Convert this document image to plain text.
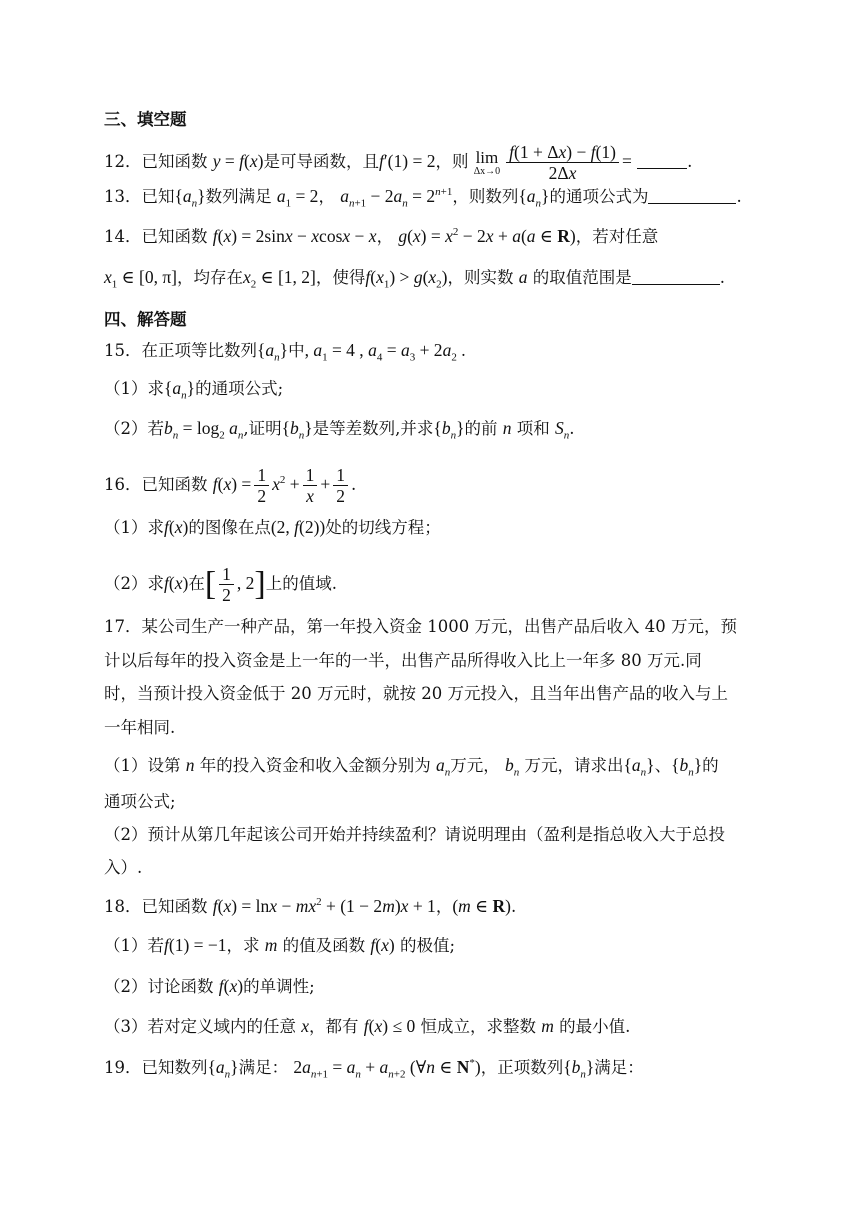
三、填空题
12．已知函数 y = f(x)是可导函数，且f′(1) = 2，则 lim
$\Delta x\to 0 \frac{f(1 + \Delta x) - f(1)}{2\Delta x}$ =	.
13．已知$\{a_n\}$数列满足 $a_1 = 2$， $a_{n+1} - 2a_n = 2^{n+1}$，则数列$\{a_n\}$的通项公式为	.
14．已知函数 f(x) = 2sinx − xcosx − x， $g(x) = x^2 - 2x + a(a$ ∈ R)，若对任意
$x_1$ ∈ [0, π]，均存在$x_2$ ∈ [1, 2]，使得$f(x_1) > g(x_2)$，则实数 a 的取值范围是	.
四、解答题
15．在正项等比数列$\{a_n\}$中, $a_1 = 4$ , $a_4 = a_3 + 2a_2$ .
（1）求$\{a_n\}$的通项公式;
（2）若$b_n = \log_2 a_n$,证明$\{b_n\}$是等差数列,并求$\{b_n\}$的前 n 项和 $S_n$.
16．已知函数 $f(x) = \frac{1}{2} x^2 + \frac{1}{x} + \frac{1}{2}$ .
（1）求f(x)的图像在点(2, f(2))处的切线方程；
（2）求f(x)在[ $\frac{1}{2}$ , 2]上的值域.
17．某公司生产一种产品，第一年投入资金 1000 万元，出售产品后收入 40 万元，预
计以后每年的投入资金是上一年的一半，出售产品所得收入比上一年多 80 万元.同
时，当预计投入资金低于 20 万元时，就按 20 万元投入，且当年出售产品的收入与上
一年相同.
（1）设第 n 年的投入资金和收入金额分别为 $a_n$万元， $b_n$ 万元，请求出$\{a_n\}$、$\{b_n\}$的
通项公式;
（2）预计从第几年起该公司开始并持续盈利？请说明理由（盈利是指总收入大于总投
入）.
18．已知函数 $f(x) = \ln x - mx^2 + (1 - 2m)x + 1$，(m ∈ R).
（1）若f(1) = −1，求 m 的值及函数 f(x) 的极值;
（2）讨论函数 f(x)的单调性;
（3）若对定义域内的任意 x，都有 f(x) ≤ 0 恒成立，求整数 m 的最小值.
19．已知数列$\{a_n\}$满足： $2a_{n+1} = a_n + a_{n+2}$ (∀n ∈ N*)，正项数列$\{b_n\}$满足：
